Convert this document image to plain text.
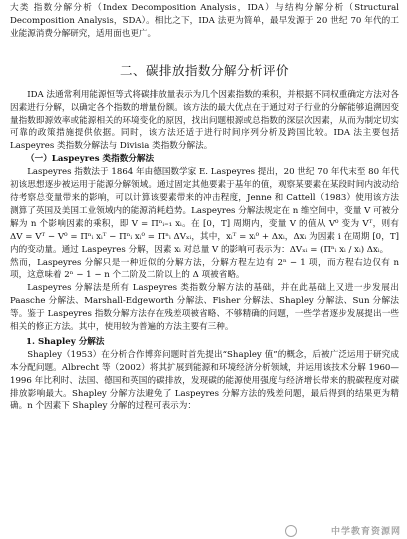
大类 指数分解分析（Index Decomposition Analysis，IDA）与结构分解分析（Structural Decomposition Analysis，SDA）。相比之下，IDA 法更为简单，最早发源于 20 世纪 70 年代的工业能源消费分解研究，适用面也更广。

二、碳排放指数分解分析评价

IDA 法通常利用能源恒等式将碳排放量表示为几个因素指数的乘积，并根据不同权重确定方法对各因素进行分解，以确定各个指数的增量份额。该方法的最大优点在于通过对子行业的分解能够追溯因变量指数即源效率或能源相关的环境变化的原因，找出问题根源或总指数的深层次因素，从而为制定切实可靠的政策措施提供依据。同时，该方法还适于进行时间序列分析及跨国比较。IDA 法主要包括 Laspeyres 类指数分解法与 Divisia 类指数分解法。

（一）Laspeyres 类指数分解法

Laspeyres 指数法于 1864 年由德国数学家 E. Laspeyres 提出，20 世纪 70 年代末至 80 年代初该思想逐步被运用于能源分解领域。通过固定其他要素于基年的值，观察某要素在某段时间内波动给待考察总变量带来的影响，可以计算该要素带来的冲击程度，Jenne 和 Cattell（1983）使用该方法测算了英国及美国工业领域内的能源消耗趋势。Laspeyres 分解法规定在 n 维空间中，变量 V 可被分解为 n 个影响因素的乘积，即 V = Πⁿᵢ₌₁ xᵢ。在 [0，T] 周期内，变量 V 的值从 V⁰ 变为 Vᵀ，则有 ΔV = Vᵀ − V⁰ = Πⁿᵢ xᵢᵀ − Πⁿᵢ xᵢ⁰ = Πⁿᵢ ΔVₓᵢ，其中，xᵢᵀ = xᵢ⁰ + Δxᵢ，Δxᵢ 为因素 i 在周期 [0，T] 内的变动量。通过 Laspeyres 分解，因素 xᵢ 对总量 V 的影响可表示为：ΔVₓᵢ = (Πⁿᵢ xᵢ / xᵢ) Δxᵢ。

然而，Laspeyres 分解只是一种近似的分解方法，分解方程左边有 2ⁿ − 1 项，而方程右边仅有 n 项，这意味着 2ⁿ − 1 − n 个二阶及二阶以上的 Δ 项被省略。

Laspeyres 分解法是所有 Laspeyres 类指数分解方法的基础，并在此基础上又进一步发展出 Paasche 分解法、Marshall-Edgeworth 分解法、Fisher 分解法、Shapley 分解法、Sun 分解法等。鉴于 Laspeyres 指数分解方法存在残差项被省略、不够精确的问题，一些学者逐步发展提出一些相关的修正方法。其中，使用较为普遍的方法主要有三种。

1. Shapley 分解法

Shapley（1953）在分析合作博弈问题时首先提出“Shapley 值”的概念，后被广泛运用于研究成本分配问题。Albrecht 等（2002）将其扩展到能源和环境经济分析领域，并运用该技术分解 1960—1996 年比利时、法国、德国和英国的碳排放，发现碳的能源使用强度与经济增长带来的脱碳程度对碳排放影响最大。Shapley 分解方法避免了 Laspeyres 分解方法的残差问题，最后得到的结果更为精确。n 个因素下 Shapley 分解的过程可表示为：

中学教育资源网
